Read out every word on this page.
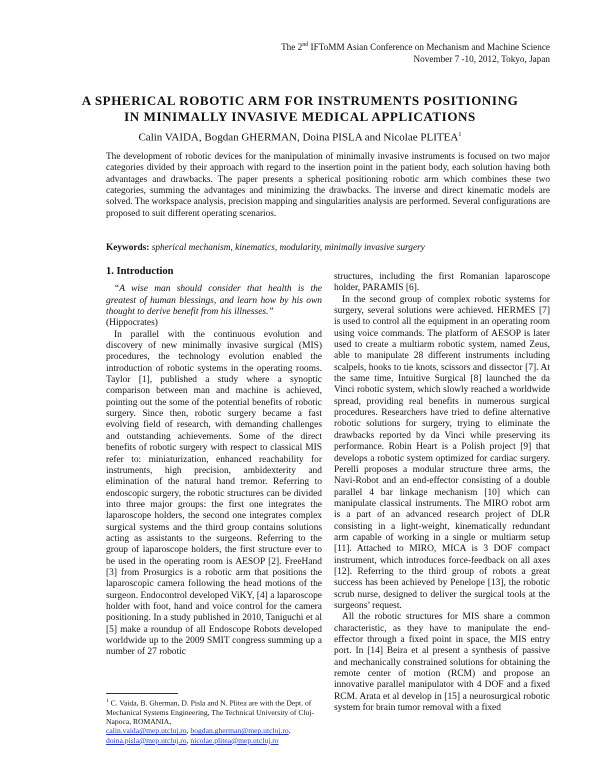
The 2nd IFToMM Asian Conference on Mechanism and Machine Science
November 7 -10, 2012, Tokyo, Japan
A SPHERICAL ROBOTIC ARM FOR INSTRUMENTS POSITIONING
IN MINIMALLY INVASIVE MEDICAL APPLICATIONS
Calin VAIDA, Bogdan GHERMAN, Doina PISLA and Nicolae PLITEA$^1$
The development of robotic devices for the manipulation of minimally invasive instruments is focused on two major categories divided by their approach with regard to the insertion point in the patient body, each solution having both advantages and drawbacks. The paper presents a spherical positioning robotic arm which combines these two categories, summing the advantages and minimizing the drawbacks. The inverse and direct kinematic models are solved. The workspace analysis, precision mapping and singularities analysis are performed. Several configurations are proposed to suit different operating scenarios.
Keywords: spherical mechanism, kinematics, modularity, minimally invasive surgery
1. Introduction

“A wise man should consider that health is the greatest of human blessings, and learn how by his own thought to derive benefit from his illnesses.”

(Hippocrates)

In parallel with the continuous evolution and discovery of new minimally invasive surgical (MIS) procedures, the technology evolution enabled the introduction of robotic systems in the operating rooms. Taylor [1], published a study where a synoptic comparison between man and machine is achieved, pointing out the some of the potential benefits of robotic surgery. Since then, robotic surgery became a fast evolving field of research, with demanding challenges and outstanding achievements. Some of the direct benefits of robotic surgery with respect to classical MIS refer to: miniaturization, enhanced reachability for instruments, high precision, ambidexterity and elimination of the natural hand tremor. Referring to endoscopic surgery, the robotic structures can be divided into three major groups: the first one integrates the laparoscope holders, the second one integrates complex surgical systems and the third group contains solutions acting as assistants to the surgeons. Referring to the group of laparoscope holders, the first structure ever to be used in the operating room is AESOP [2]. FreeHand [3] from Prosurgics is a robotic arm that positions the laparoscopic camera following the head motions of the surgeon. Endocontrol developed ViKY, [4] a laparoscope holder with foot, hand and voice control for the camera positioning. In a study published in 2010, Taniguchi et al [5] make a roundup of all Endoscope Robots developed worldwide up to the 2009 SMIT congress summing up a number of 27 robotic

structures, including the first Romanian laparoscope holder, PARAMIS [6].

In the second group of complex robotic systems for surgery, several solutions were achieved. HERMES [7] is used to control all the equipment in an operating room using voice commands. The platform of AESOP is later used to create a multiarm robotic system, named Zeus, able to manipulate 28 different instruments including scalpels, hooks to tie knots, scissors and dissector [7]. At the same time, Intuitive Surgical [8] launched the da Vinci robotic system, which slowly reached a worldwide spread, providing real benefits in numerous surgical procedures. Researchers have tried to define alternative robotic solutions for surgery, trying to eliminate the drawbacks reported by da Vinci while preserving its performance. Robin Heart is a Polish project [9] that develops a robotic system optimized for cardiac surgery. Perelli proposes a modular structure three arms, the Navi-Robot and an end-effector consisting of a double parallel 4 bar linkage mechanism [10] which can manipulate classical instruments. The MIRO robot arm is a part of an advanced research project of DLR consisting in a light-weight, kinematically redundant arm capable of working in a single or multiarm setup [11]. Attached to MIRO, MICA is 3 DOF compact instrument, which introduces force-feedback on all axes [12]. Referring to the third group of robots a great success has been achieved by Penelope [13], the robotic scrub nurse, designed to deliver the surgical tools at the surgeons’ request.

All the robotic structures for MIS share a common characteristic, as they have to manipulate the end-effector through a fixed point in space, the MIS entry port. In [14] Beira et al present a synthesis of passive and mechanically constrained solutions for obtaining the remote center of motion (RCM) and propose an innovative parallel manipulator with 4 DOF and a fixed RCM. Arata et al develop in [15] a neurosurgical robotic system for brain tumor removal with a fixed

$^1$ C. Vaida, B. Gherman, D. Pisla and N. Plitea are with the Dept. of Mechanical Systems Engineering, The Technical University of Cluj-Napoca, ROMANIA,
calin.vaida@mep.utcluj.ro, bogdan.gherman@mep.utcluj.ro,
doina.pisla@mep.utcluj.ro, nicolae.plitea@mep.utcluj.ro
